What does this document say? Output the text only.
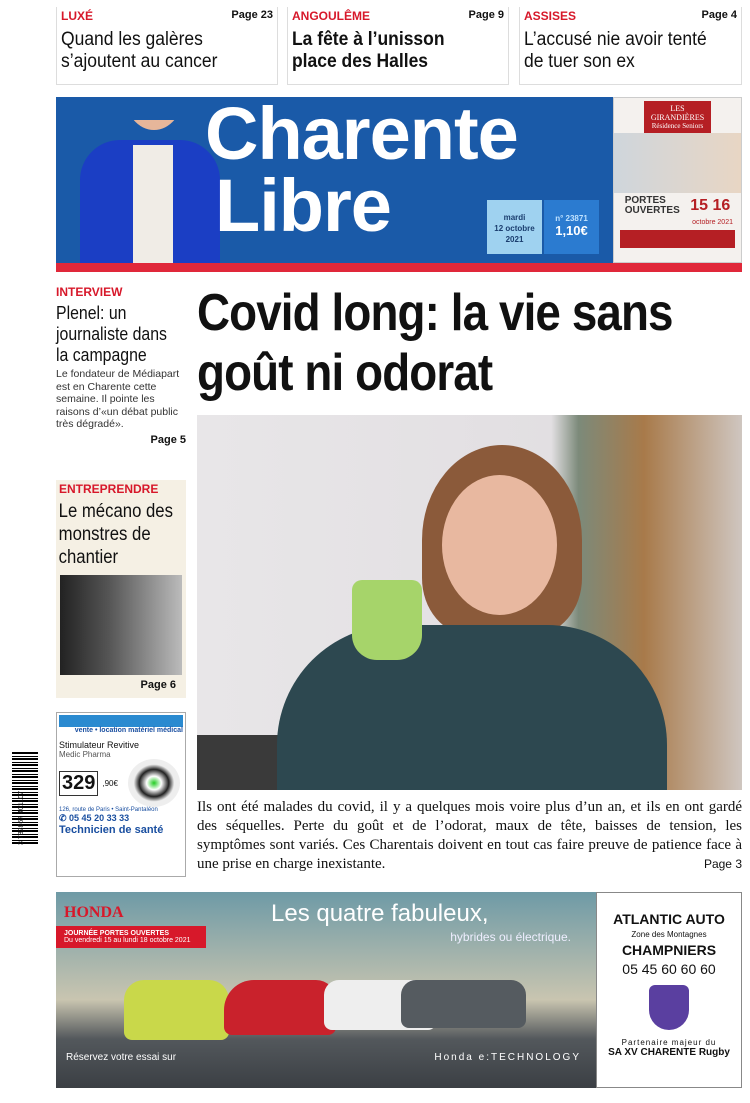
LUXÉ	Page 23
Quand les galères s’ajoutent au cancer
ANGOULÊME	Page 9
La fête à l’unisson place des Halles
ASSISES	Page 4
L’accusé nie avoir tenté de tuer son ex
Charente
Libre	mardi
12 octobre
2021
n° 23871
1,10€
LES GIRANDIÈRES
Résidence Seniors
PORTES OUVERTES 15 16
octobre 2021
INTERVIEW
Plenel: un journaliste dans la campagne
Le fondateur de Médiapart est en Charente cette semaine. Il pointe les raisons d’«un débat public très dégradé».
Page 5
ENTREPRENDRE
Le mécano des monstres de chantier
Page 6
vente • location matériel médical
Stimulateur Revitive
Medic Pharma
329 ,90€
126, route de Paris • Saint-Pantaléon
✆ 05 45 20 33 33
Technicien de santé
3 782867 401107
Covid long: la vie sans goût ni odorat
Ils ont été malades du covid, il y a quelques mois voire plus d’un an, et ils en ont gardé des séquelles. Perte du goût et de l’odorat, maux de tête, baisses de tension, les symptômes sont variés. Ces Charentais doivent en tout cas faire preuve de patience face à une prise en charge inexistante.	Page 3
HONDA
JOURNÉE PORTES OUVERTES
Du vendredi 15 au lundi 18 octobre 2021
Les quatre fabuleux,
hybrides ou électrique.
Réservez votre essai sur	Honda e:TECHNOLOGY
ATLANTIC AUTO
Zone des Montagnes
CHAMPNIERS
05 45 60 60 60
Partenaire majeur du
SA XV CHARENTE Rugby
